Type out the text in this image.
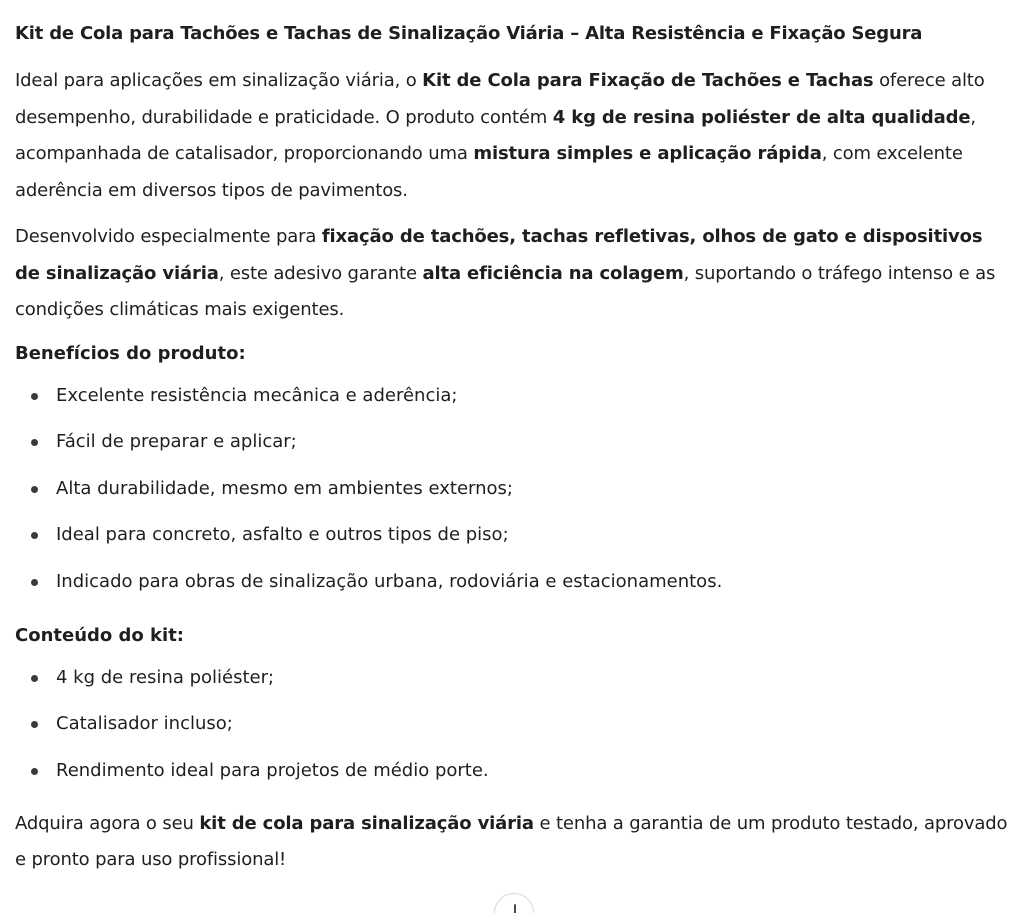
Kit de Cola para Tachões e Tachas de Sinalização Viária – Alta Resistência e Fixação Segura

Ideal para aplicações em sinalização viária, o Kit de Cola para Fixação de Tachões e Tachas oferece alto desempenho, durabilidade e praticidade. O produto contém 4 kg de resina poliéster de alta qualidade, acompanhada de catalisador, proporcionando uma mistura simples e aplicação rápida, com excelente aderência em diversos tipos de pavimentos.

Desenvolvido especialmente para fixação de tachões, tachas refletivas, olhos de gato e dispositivos de sinalização viária, este adesivo garante alta eficiência na colagem, suportando o tráfego intenso e as condições climáticas mais exigentes.

Benefícios do produto:
Excelente resistência mecânica e aderência;
Fácil de preparar e aplicar;
Alta durabilidade, mesmo em ambientes externos;
Ideal para concreto, asfalto e outros tipos de piso;
Indicado para obras de sinalização urbana, rodoviária e estacionamentos.
Conteúdo do kit:
4 kg de resina poliéster;
Catalisador incluso;
Rendimento ideal para projetos de médio porte.

Adquira agora o seu kit de cola para sinalização viária e tenha a garantia de um produto testado, aprovado e pronto para uso profissional!
